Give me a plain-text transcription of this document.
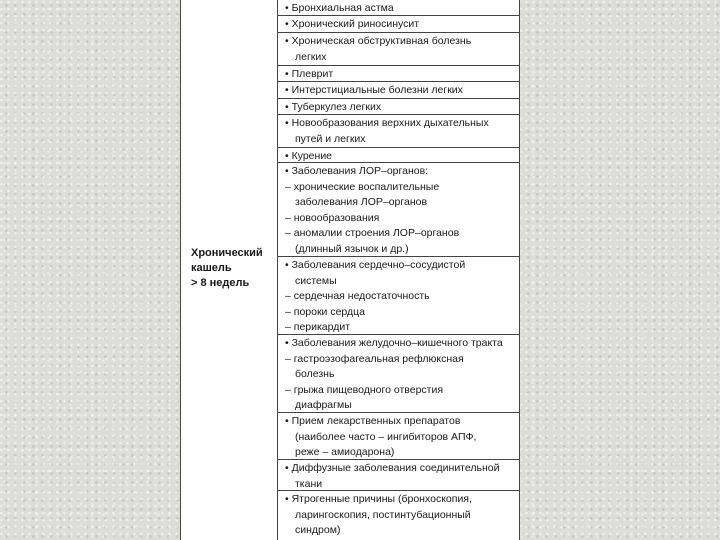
Хронический
кашель
> 8 недель
• Бронхиальная астма
• Хронический риносинусит
• Хроническая обструктивная болезнь
легких
• Плеврит
• Интерстициальные болезни легких
• Туберкулез легких
• Новообразования верхних дыхательных
путей и легких
• Курение
• Заболевания ЛОР–органов:
– хронические воспалительные
заболевания ЛОР–органов
– новообразования
– аномалии строения ЛОР–органов
(длинный язычок и др.)
• Заболевания сердечно–сосудистой
системы
– сердечная недостаточность
– пороки сердца
– перикардит
• Заболевания желудочно–кишечного тракта
– гастроэзофагеальная рефлюксная
болезнь
– грыжа пищеводного отверстия
диафрагмы
• Прием лекарственных препаратов
(наиболее часто – ингибиторов АПФ,
реже – амиодарона)
• Диффузные заболевания соединительной
ткани
• Ятрогенные причины (бронхоскопия,
ларингоскопия, постинтубационный
синдром)
